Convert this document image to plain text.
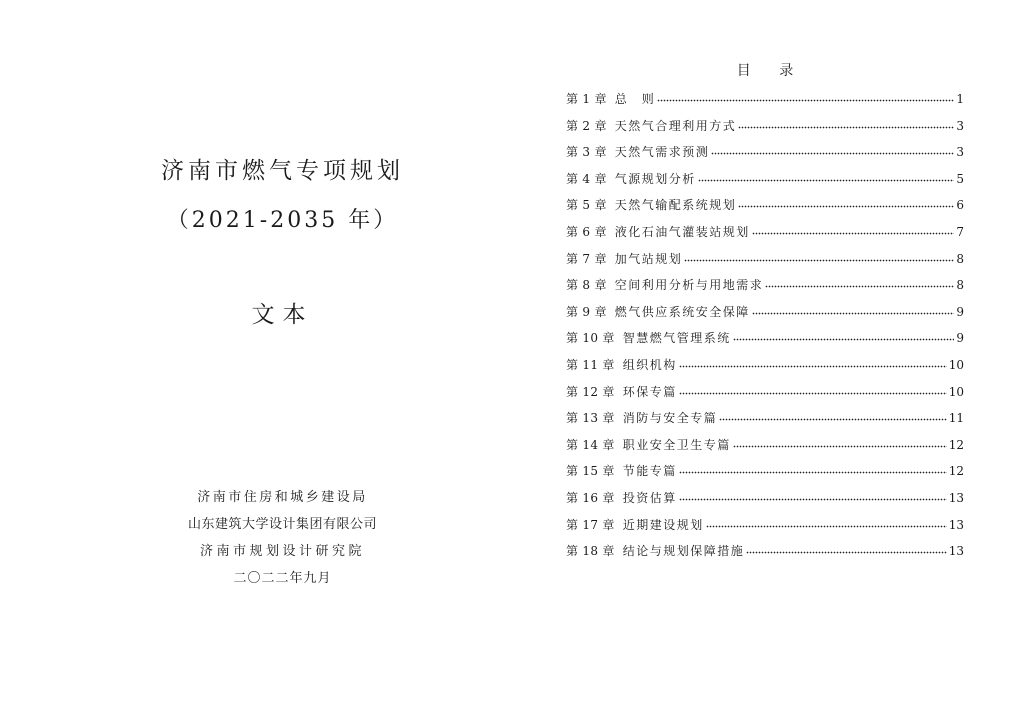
济南市燃气专项规划
（2021-2035 年）
文本
济南市住房和城乡建设局
山东建筑大学设计集团有限公司
济南市规划设计研究院
二〇二二年九月
目 录
第 1 章 总　则	1
第 2 章 天然气合理利用方式	3
第 3 章 天然气需求预测	3
第 4 章 气源规划分析	5
第 5 章 天然气输配系统规划	6
第 6 章 液化石油气灌装站规划	7
第 7 章 加气站规划	8
第 8 章 空间利用分析与用地需求	8
第 9 章 燃气供应系统安全保障	9
第 10 章 智慧燃气管理系统	9
第 11 章 组织机构	10
第 12 章 环保专篇	10
第 13 章 消防与安全专篇	11
第 14 章 职业安全卫生专篇	12
第 15 章 节能专篇	12
第 16 章 投资估算	13
第 17 章 近期建设规划	13
第 18 章 结论与规划保障措施	13
